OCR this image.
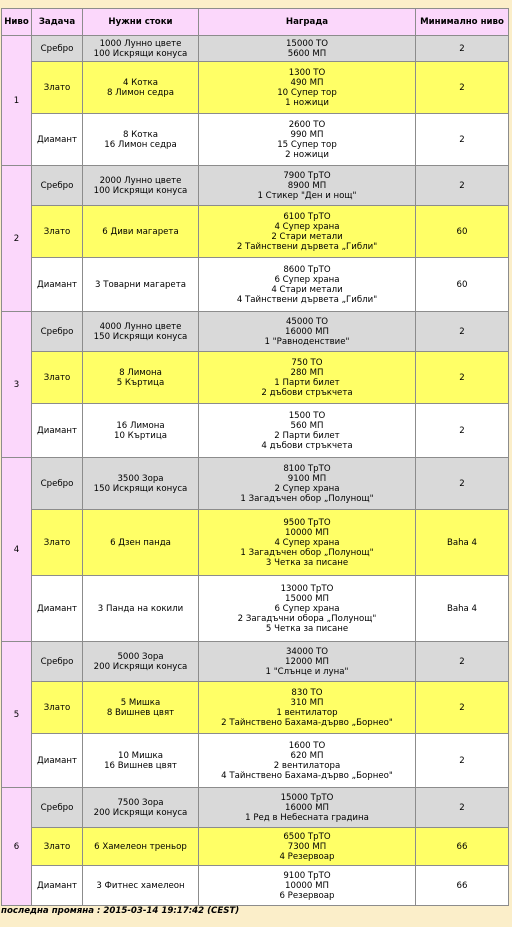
Ниво	Задача	Нужни стоки	Награда	Минимално ниво
1	Сребро	1000 Лунно цвете
100 Искрящи конуса	15000 ТО
5600 МП	2
	Злато	4 Котка
8 Лимон седра	1300 ТО
490 МП
10 Супер тор
1 ножици	2
	Диамант	8 Котка
16 Лимон седра	2600 ТО
990 МП
15 Супер тор
2 ножици	2
2	Сребро	2000 Лунно цвете
100 Искрящи конуса	7900 ТрТО
8900 МП
1 Стикер "Ден и нощ"	2
	Злато	6 Диви магарета	6100 ТрТО
4 Супер храна
2 Стари метали
2 Тайнствени дървета „Гибли"	60
	Диамант	3 Товарни магарета	8600 ТрТО
6 Супер храна
4 Стари метали
4 Тайнствени дървета „Гибли"	60
3	Сребро	4000 Лунно цвете
150 Искрящи конуса	45000 ТО
16000 МП
1 "Равноденствие"	2
	Злато	8 Лимона
5 Къртица	750 ТО
280 МП
1 Парти билет
2 дъбови стръкчета	2
	Диамант	16 Лимона
10 Къртица	1500 ТО
560 МП
2 Парти билет
4 дъбови стръкчета	2
4	Сребро	3500 Зора
150 Искрящи конуса	8100 ТрТО
9100 МП
2 Супер храна
1 Загадъчен обор „Полунощ"	2
	Злато	6 Дзен панда	9500 ТрТО
10000 МП
4 Супер храна
1 Загадъчен обор „Полунощ"
3 Четка за писане	Baha 4
	Диамант	3 Панда на кокили	13000 ТрТО
15000 МП
6 Супер храна
2 Загадъчни обора „Полунощ"
5 Четка за писане	Baha 4
5	Сребро	5000 Зора
200 Искрящи конуса	34000 ТО
12000 МП
1 "Слънце и луна"	2
	Злато	5 Мишка
8 Вишнев цвят	830 ТО
310 МП
1 вентилатор
2 Тайнствено Бахама-дърво „Борнео"	2
	Диамант	10 Мишка
16 Вишнев цвят	1600 ТО
620 МП
2 вентилатора
4 Тайнствено Бахама-дърво „Борнео"	2
6	Сребро	7500 Зора
200 Искрящи конуса	15000 ТрТО
16000 МП
1 Ред в Небесната градина	2
	Злато	6 Хамелеон треньор	6500 ТрТО
7300 МП
4 Резервоар	66
	Диамант	3 Фитнес хамелеон	9100 ТрТО
10000 МП
6 Резервоар	66
последна промяна : 2015-03-14 19:17:42 (CEST)
